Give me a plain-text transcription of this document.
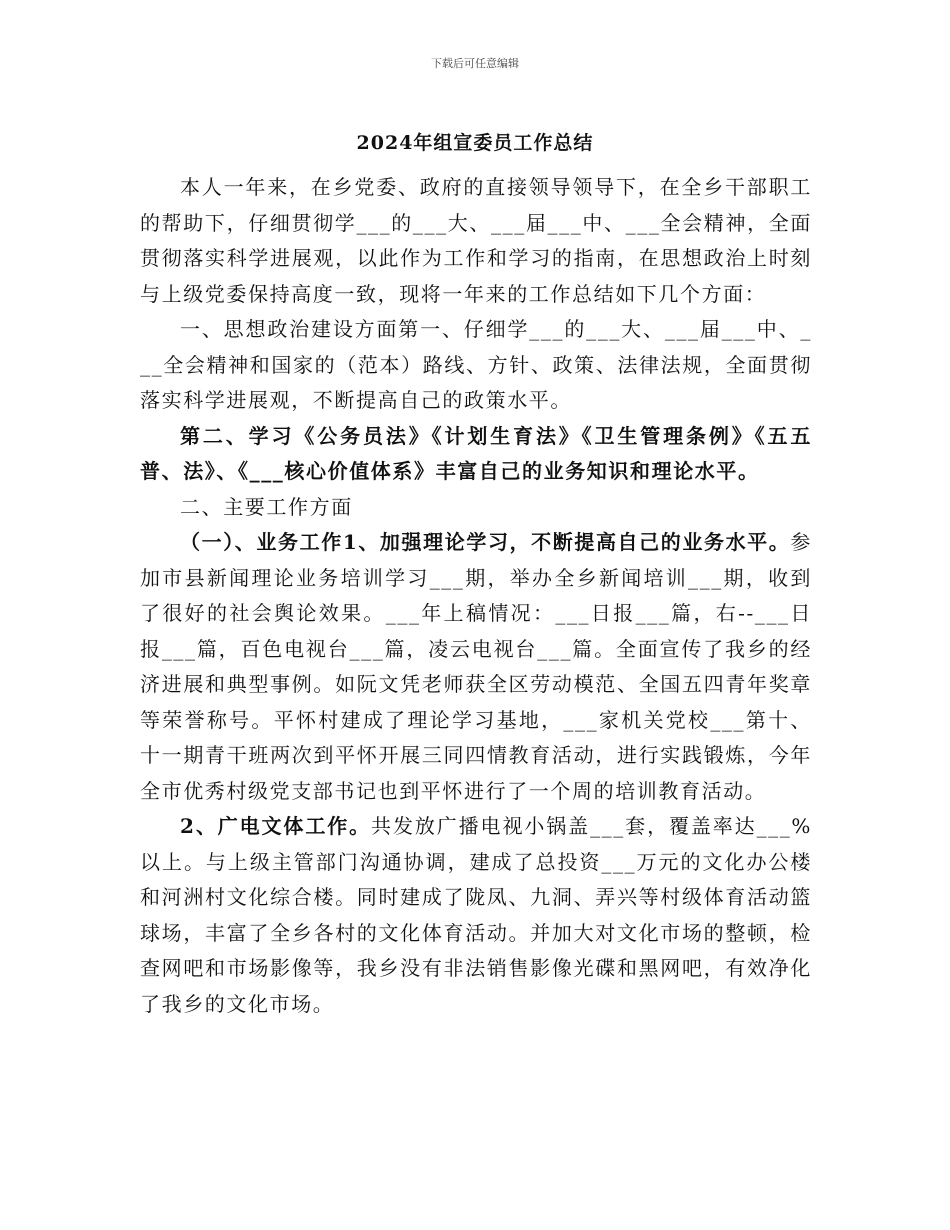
下载后可任意编辑
2024年组宣委员工作总结

本人一年来，在乡党委、政府的直接领导领导下，在全乡干部职工的帮助下，仔细贯彻学___的___大、___届___中、___全会精神，全面贯彻落实科学进展观，以此作为工作和学习的指南，在思想政治上时刻与上级党委保持高度一致，现将一年来的工作总结如下几个方面：

一、思想政治建设方面第一、仔细学___的___大、___届___中、___全会精神和国家的（范本）路线、方针、政策、法律法规，全面贯彻落实科学进展观，不断提高自己的政策水平。

第二、学习《公务员法》《计划生育法》《卫生管理条例》《五五普、法》、《___核心价值体系》丰富自己的业务知识和理论水平。

二、主要工作方面

（一）、业务工作1、加强理论学习，不断提高自己的业务水平。参加市县新闻理论业务培训学习___期，举办全乡新闻培训___期，收到了很好的社会舆论效果。___年上稿情况：___日报___篇，右--___日报___篇，百色电视台___篇，凌云电视台___篇。全面宣传了我乡的经济进展和典型事例。如阮文凭老师获全区劳动模范、全国五四青年奖章等荣誉称号。平怀村建成了理论学习基地，___家机关党校___第十、十一期青干班两次到平怀开展三同四情教育活动，进行实践锻炼，今年全市优秀村级党支部书记也到平怀进行了一个周的培训教育活动。

2、广电文体工作。共发放广播电视小锅盖___套，覆盖率达___%以上。与上级主管部门沟通协调，建成了总投资___万元的文化办公楼和河洲村文化综合楼。同时建成了陇凤、九洞、弄兴等村级体育活动篮球场，丰富了全乡各村的文化体育活动。并加大对文化市场的整顿，检查网吧和市场影像等，我乡没有非法销售影像光碟和黑网吧，有效净化了我乡的文化市场。
